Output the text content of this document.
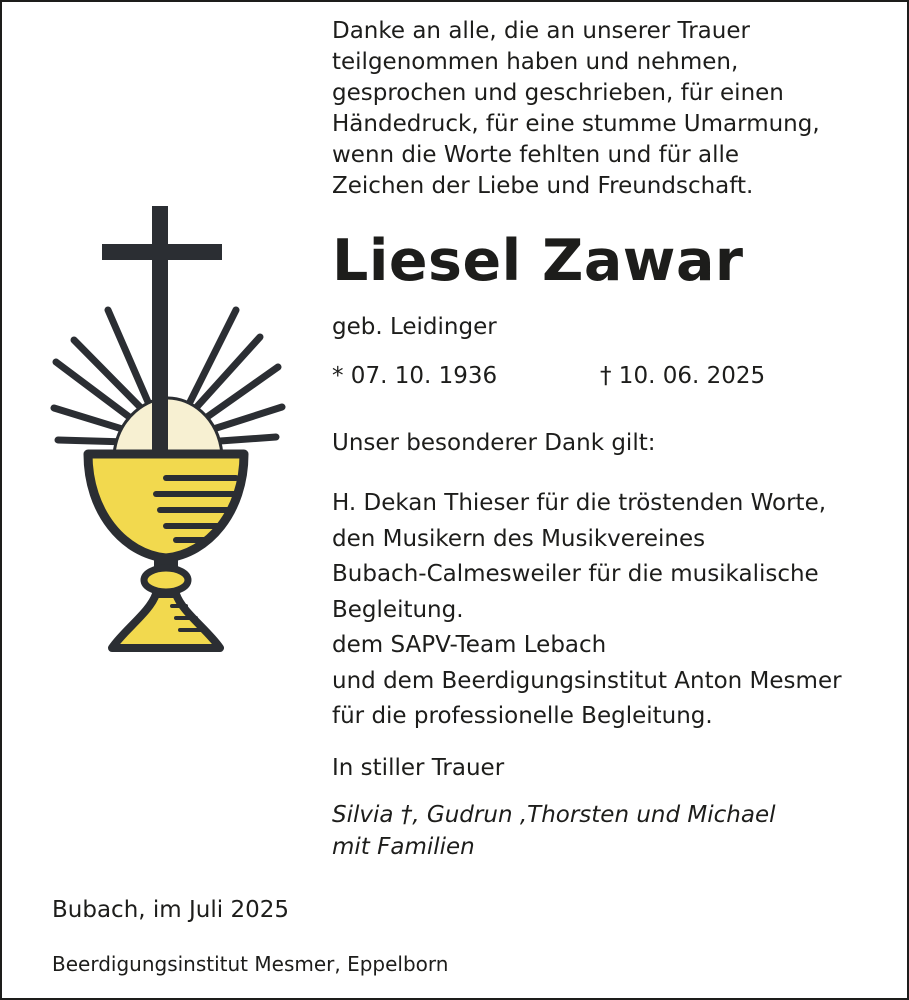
Danke an alle, die an unserer Trauer
teilgenommen haben und nehmen,
gesprochen und geschrieben, für einen
Händedruck, für eine stumme Umarmung,
wenn die Worte fehlten und für alle
Zeichen der Liebe und Freundschaft.
Liesel Zawar
geb. Leidinger
* 07. 10. 1936	† 10. 06. 2025
Unser besonderer Dank gilt:
H. Dekan Thieser für die tröstenden Worte,
den Musikern des Musikvereines
Bubach-Calmesweiler für die musikalische
Begleitung.
dem SAPV-Team Lebach
und dem Beerdigungsinstitut Anton Mesmer
für die professionelle Begleitung.
In stiller Trauer
Silvia †, Gudrun ,Thorsten und Michael
mit Familien
Bubach, im Juli 2025
Beerdigungsinstitut Mesmer, Eppelborn
